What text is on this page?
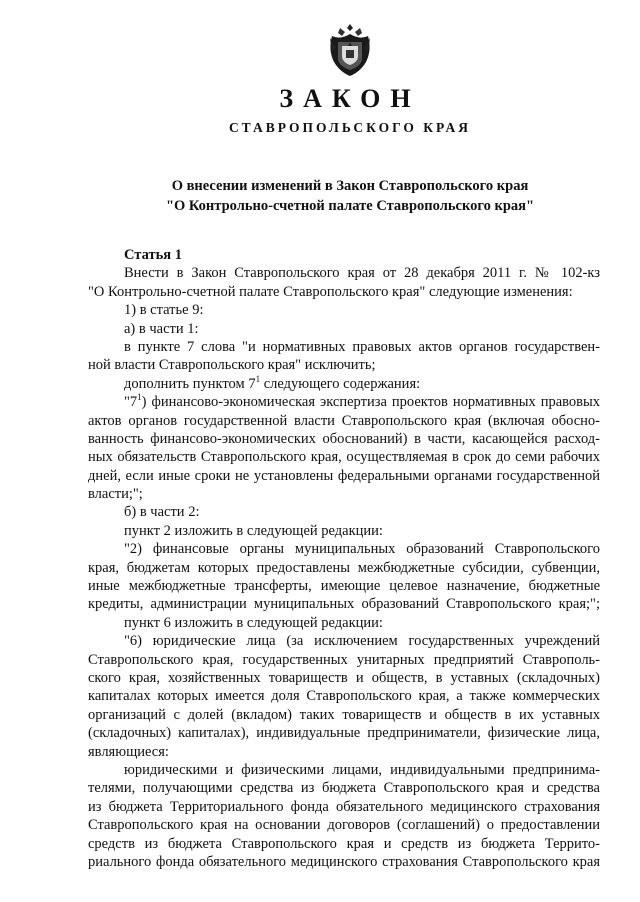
ЗАКОН
СТАВРОПОЛЬСКОГО КРАЯ
О внесении изменений в Закон Ставропольского края
"О Контрольно-счетной палате Ставропольского края"
Статья 1
Внести в Закон Ставропольского края от 28 декабря 2011 г. № 102-кз
"О Контрольно-счетной палате Ставропольского края" следующие изменения:
1) в статье 9:
а) в части 1:
в пункте 7 слова "и нормативных правовых актов органов государствен-
ной власти Ставропольского края" исключить;
дополнить пунктом $7^1$ следующего содержания:
"$7^1$) финансово-экономическая экспертиза проектов нормативных правовых
актов органов государственной власти Ставропольского края (включая обосно-
ванность финансово-экономических обоснований) в части, касающейся расход-
ных обязательств Ставропольского края, осуществляемая в срок до семи рабочих
дней, если иные сроки не установлены федеральными органами государственной
власти;";
б) в части 2:
пункт 2 изложить в следующей редакции:
"2) финансовые органы муниципальных образований Ставропольского
края, бюджетам которых предоставлены межбюджетные субсидии, субвенции,
иные межбюджетные трансферты, имеющие целевое назначение, бюджетные
кредиты, администрации муниципальных образований Ставропольского края;";
пункт 6 изложить в следующей редакции:
"6) юридические лица (за исключением государственных учреждений
Ставропольского края, государственных унитарных предприятий Ставрополь-
ского края, хозяйственных товариществ и обществ, в уставных (складочных)
капиталах которых имеется доля Ставропольского края, а также коммерческих
организаций с долей (вкладом) таких товариществ и обществ в их уставных
(складочных) капиталах), индивидуальные предприниматели, физические лица,
являющиеся:
юридическими и физическими лицами, индивидуальными предпринима-
телями, получающими средства из бюджета Ставропольского края и средства
из бюджета Территориального фонда обязательного медицинского страхования
Ставропольского края на основании договоров (соглашений) о предоставлении
средств из бюджета Ставропольского края и средств из бюджета Террито-
риального фонда обязательного медицинского страхования Ставропольского края
